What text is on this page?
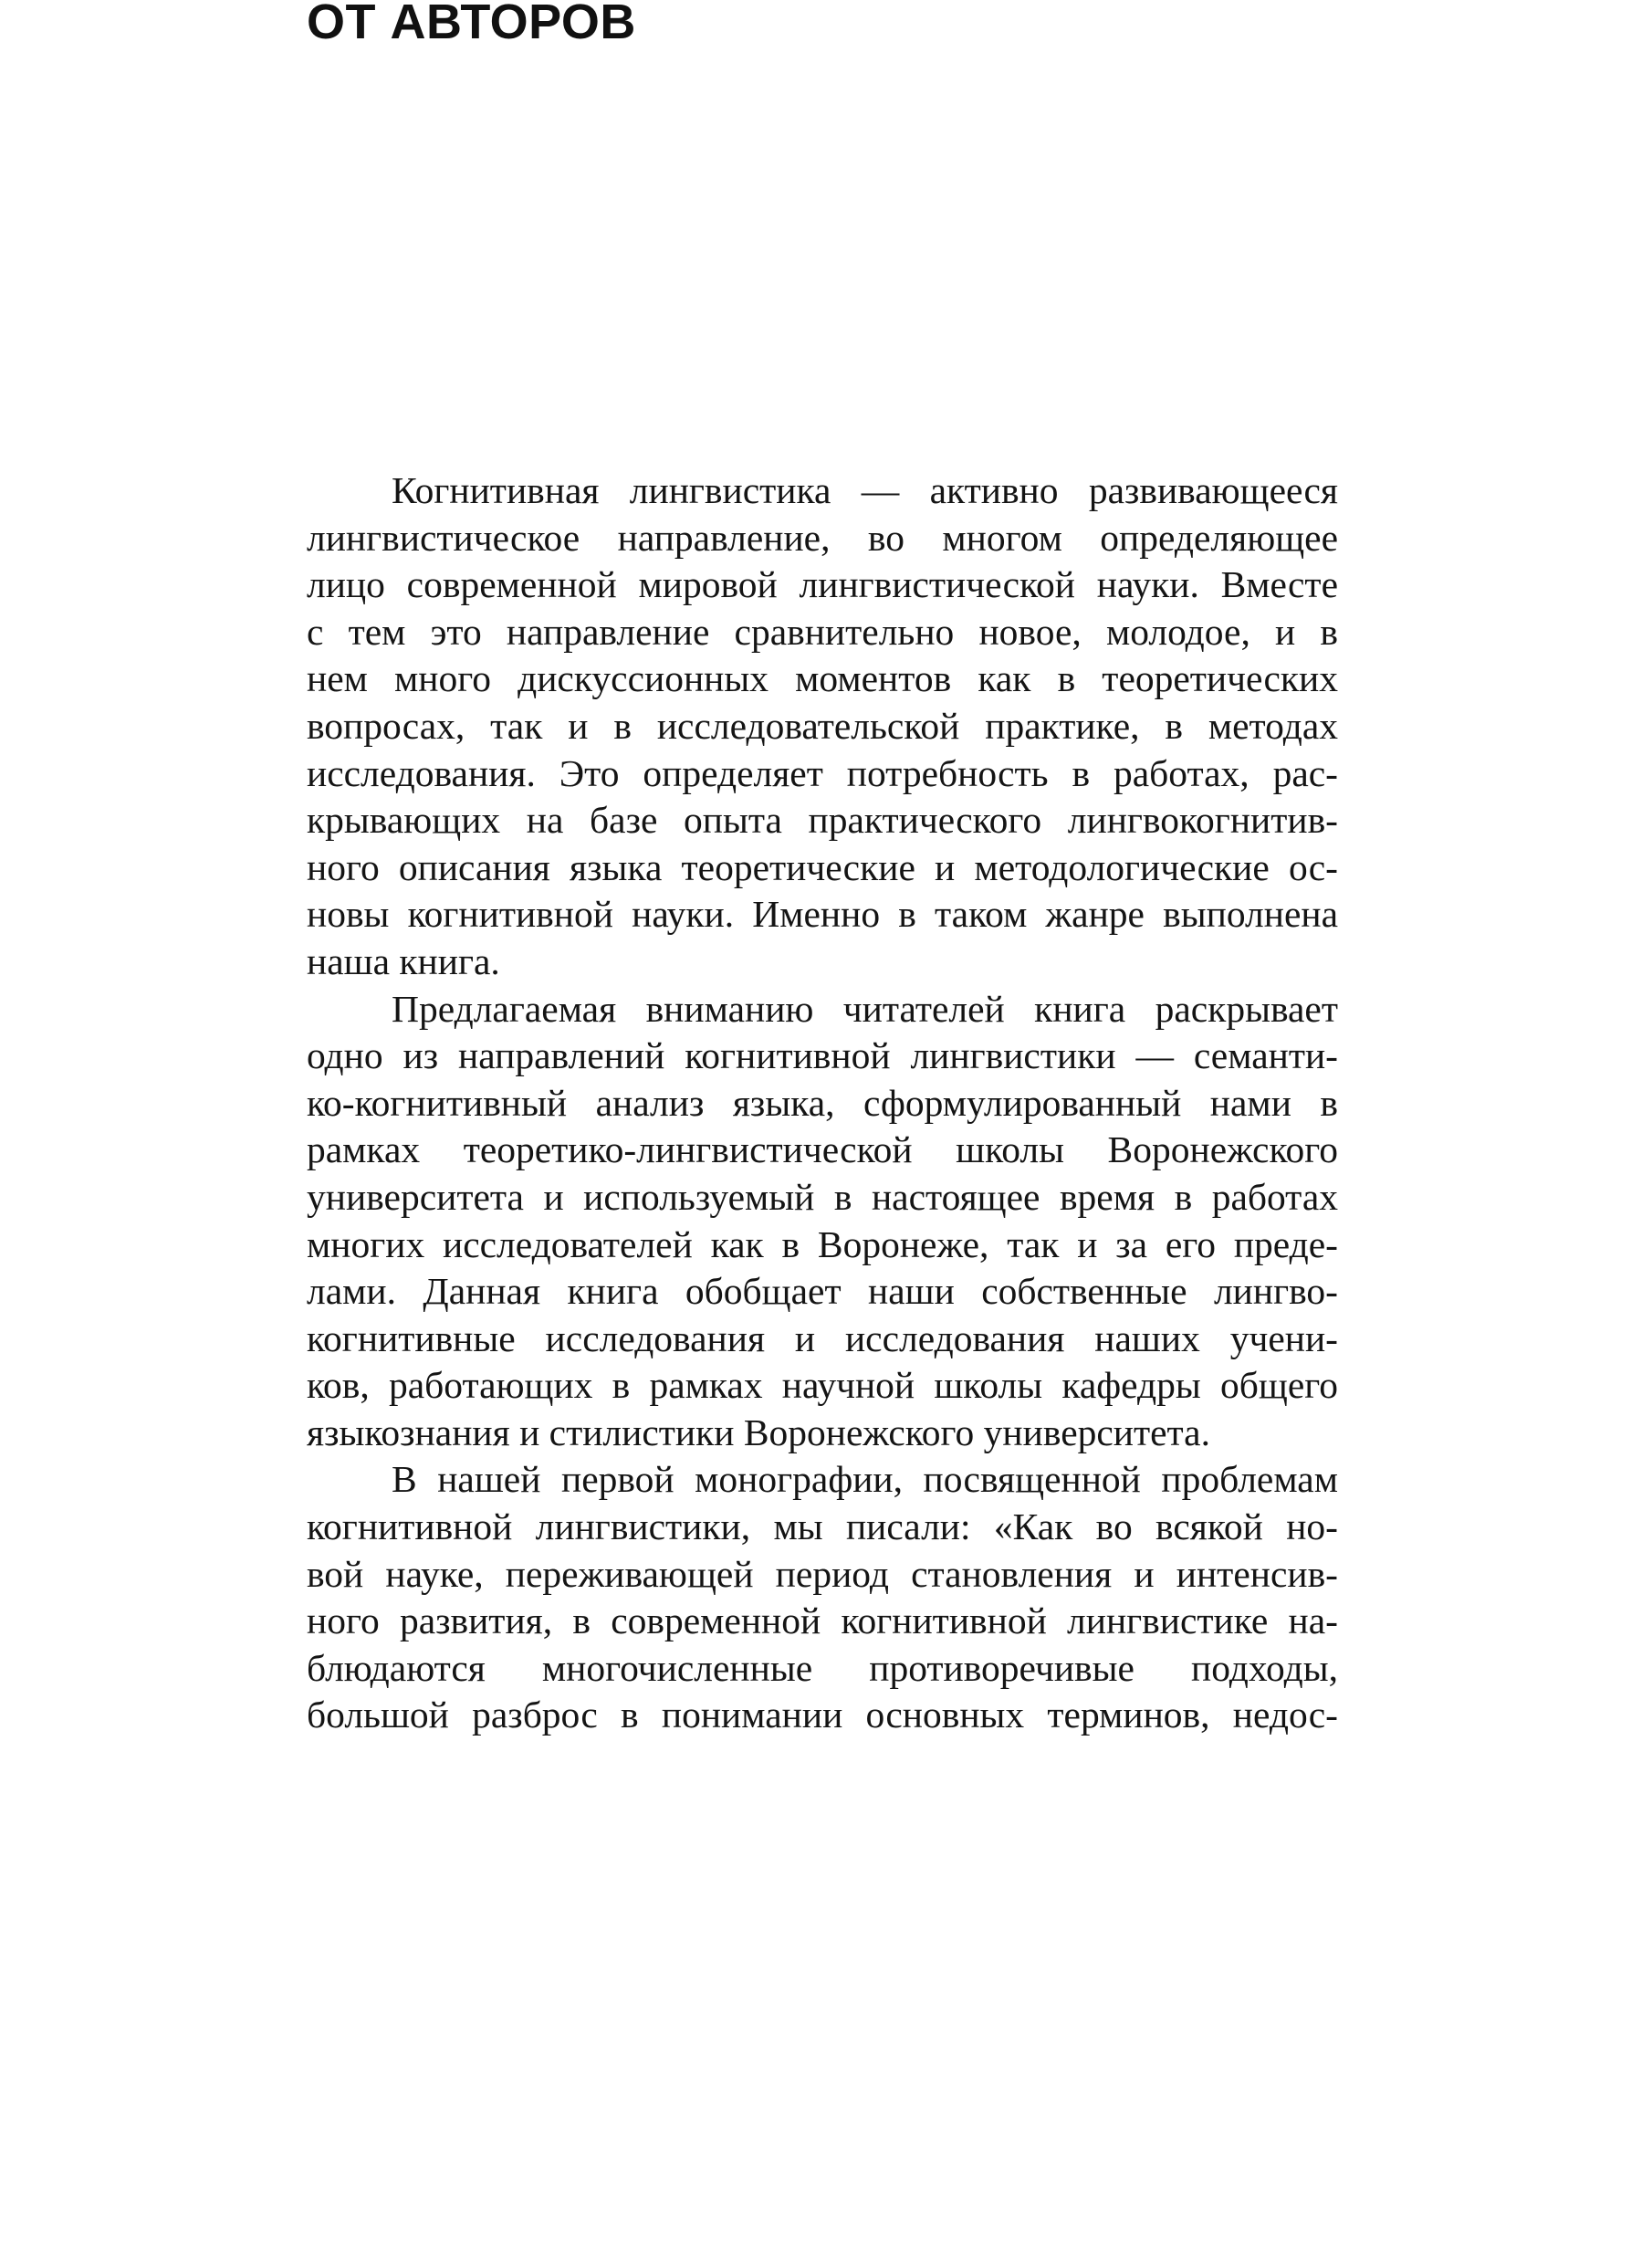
ОТ АВТОРОВ
Когнитивная лингвистика — активно развивающееся
лингвистическое направление, во многом определяющее
лицо современной мировой лингвистической науки. Вместе
с тем это направление сравнительно новое, молодое, и в
нем много дискуссионных моментов как в теоретических
вопросах, так и в исследовательской практике, в методах
исследования. Это определяет потребность в работах, рас-
крывающих на базе опыта практического лингвокогнитив-
ного описания языка теоретические и методологические ос-
новы когнитивной науки. Именно в таком жанре выполнена
наша книга.
Предлагаемая вниманию читателей книга раскрывает
одно из направлений когнитивной лингвистики — семанти-
ко-когнитивный анализ языка, сформулированный нами в
рамках теоретико-лингвистической школы Воронежского
университета и используемый в настоящее время в работах
многих исследователей как в Воронеже, так и за его преде-
лами. Данная книга обобщает наши собственные лингво-
когнитивные исследования и исследования наших учени-
ков, работающих в рамках научной школы кафедры общего
языкознания и стилистики Воронежского университета.
В нашей первой монографии, посвященной проблемам
когнитивной лингвистики, мы писали: «Как во всякой но-
вой науке, переживающей период становления и интенсив-
ного развития, в современной когнитивной лингвистике на-
блюдаются многочисленные противоречивые подходы,
большой разброс в понимании основных терминов, недос-
